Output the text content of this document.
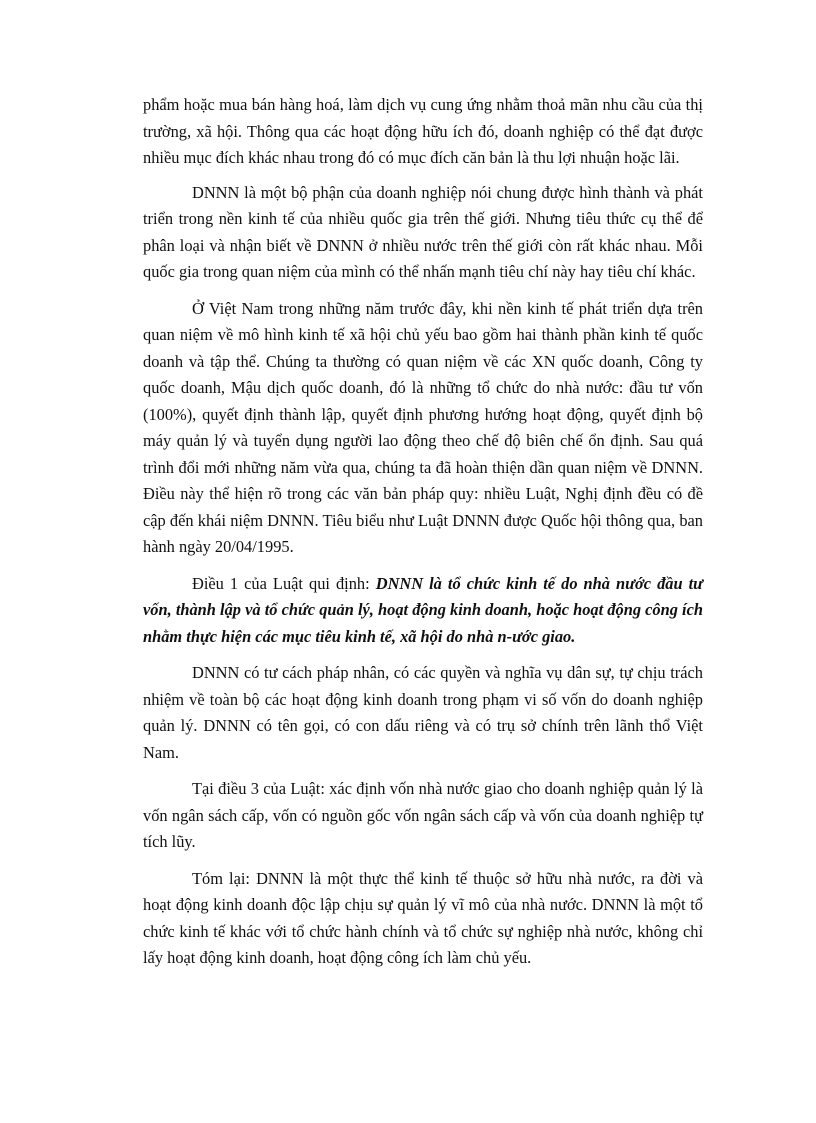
phẩm hoặc mua bán hàng hoá, làm dịch vụ cung ứng nhằm thoả mãn nhu cầu của thị trường, xã hội. Thông qua các hoạt động hữu ích đó, doanh nghiệp có thể đạt được nhiều mục đích khác nhau trong đó có mục đích căn bản là thu lợi nhuận hoặc lãi.

DNNN là một bộ phận của doanh nghiệp nói chung được hình thành và phát triển trong nền kinh tế của nhiều quốc gia trên thế giới. Nhưng tiêu thức cụ thể để phân loại và nhận biết về DNNN ở nhiều nước trên thế giới còn rất khác nhau. Mỗi quốc gia trong quan niệm của mình có thể nhấn mạnh tiêu chí này hay tiêu chí khác.

Ở Việt Nam trong những năm trước đây, khi nền kinh tế phát triển dựa trên quan niệm về mô hình kinh tế xã hội chủ yếu bao gồm hai thành phần kinh tế quốc doanh và tập thể. Chúng ta thường có quan niệm về các XN quốc doanh, Công ty quốc doanh, Mậu dịch quốc doanh, đó là những tổ chức do nhà nước: đầu tư vốn (100%), quyết định thành lập, quyết định phương hướng hoạt động, quyết định bộ máy quản lý và tuyển dụng người lao động theo chế độ biên chế ổn định. Sau quá trình đổi mới những năm vừa qua, chúng ta đã hoàn thiện dần quan niệm về DNNN. Điều này thể hiện rõ trong các văn bản pháp quy: nhiều Luật, Nghị định đều có đề cập đến khái niệm DNNN. Tiêu biểu như Luật DNNN được Quốc hội thông qua, ban hành ngày 20/04/1995.

Điều 1 của Luật qui định: DNNN là tổ chức kinh tế do nhà nước đầu tư vốn, thành lập và tổ chức quản lý, hoạt động kinh doanh, hoặc hoạt động công ích nhằm thực hiện các mục tiêu kinh tế, xã hội do nhà n-ước giao.

DNNN có tư cách pháp nhân, có các quyền và nghĩa vụ dân sự, tự chịu trách nhiệm về toàn bộ các hoạt động kinh doanh trong phạm vi số vốn do doanh nghiệp quản lý. DNNN có tên gọi, có con dấu riêng và có trụ sở chính trên lãnh thổ Việt Nam.

Tại điều 3 của Luật: xác định vốn nhà nước giao cho doanh nghiệp quản lý là vốn ngân sách cấp, vốn có nguồn gốc vốn ngân sách cấp và vốn của doanh nghiệp tự tích lũy.

Tóm lại: DNNN là một thực thể kinh tế thuộc sở hữu nhà nước, ra đời và hoạt động kinh doanh độc lập chịu sự quản lý vĩ mô của nhà nước. DNNN là một tổ chức kinh tế khác với tổ chức hành chính và tổ chức sự nghiệp nhà nước, không chỉ lấy hoạt động kinh doanh, hoạt động công ích làm chủ yếu.
